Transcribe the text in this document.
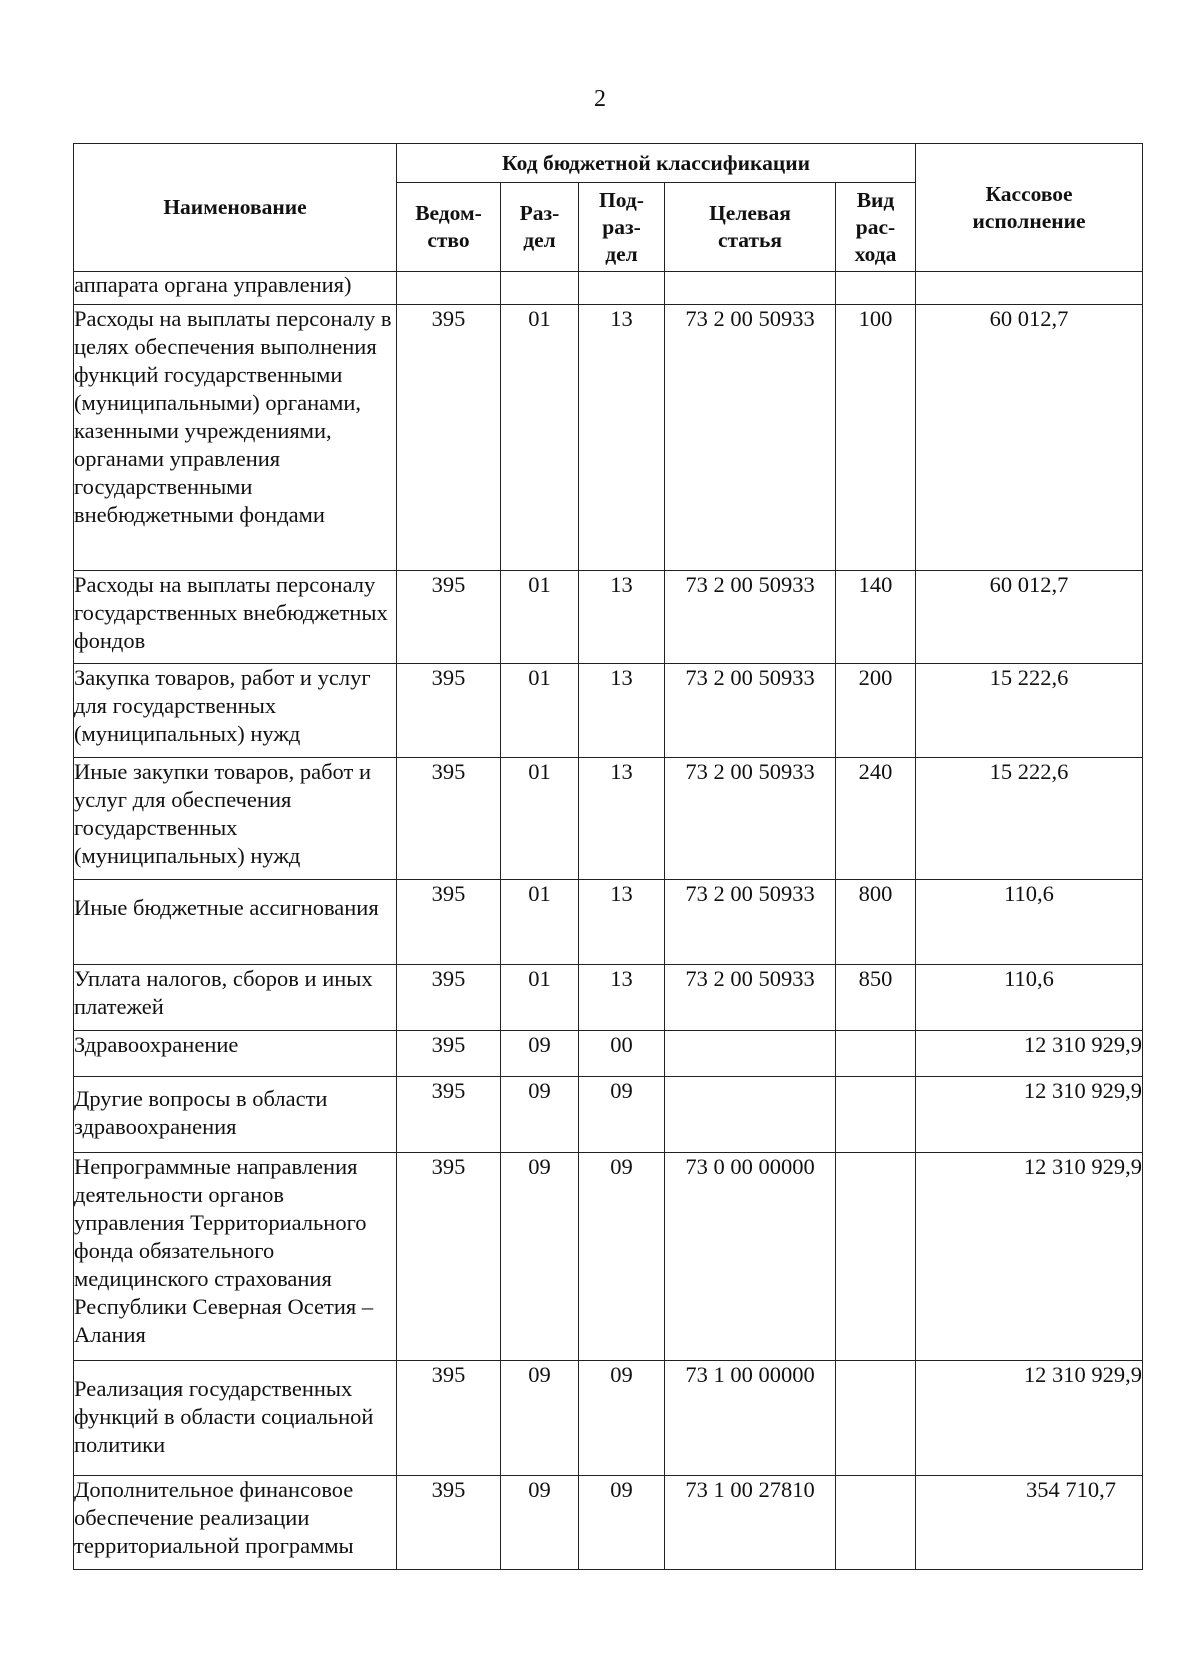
2
Наименование	Код бюджетной классификации					Кассовое исполнение
	Ведом-ство	Раз-дел	Под-раз-дел	Целевая статья	Вид рас-хода	
аппарата органа управления)						
Расходы на выплаты персоналу в целях обеспечения выполнения функций государственными (муниципальными) органами, казенными учреждениями, органами управления государственными внебюджетными фондами	395	01	13	73 2 00 50933	100	60 012,7
Расходы на выплаты персоналу государственных внебюджетных фондов	395	01	13	73 2 00 50933	140	60 012,7
Закупка товаров, работ и услуг для государственных (муниципальных) нужд	395	01	13	73 2 00 50933	200	15 222,6
Иные закупки товаров, работ и услуг для обеспечения государственных (муниципальных) нужд	395	01	13	73 2 00 50933	240	15 222,6
Иные бюджетные ассигнования	395	01	13	73 2 00 50933	800	110,6
Уплата налогов, сборов и иных платежей	395	01	13	73 2 00 50933	850	110,6
Здравоохранение	395	09	00			12 310 929,9
Другие вопросы в области здравоохранения	395	09	09			12 310 929,9
Непрограммные направления деятельности органов управления Территориального фонда обязательного медицинского страхования Республики Северная Осетия – Алания	395	09	09	73 0 00 00000		12 310 929,9
Реализация государственных функций в области социальной политики	395	09	09	73 1 00 00000		12 310 929,9
Дополнительное финансовое обеспечение реализации территориальной программы	395	09	09	73 1 00 27810		354 710,7
